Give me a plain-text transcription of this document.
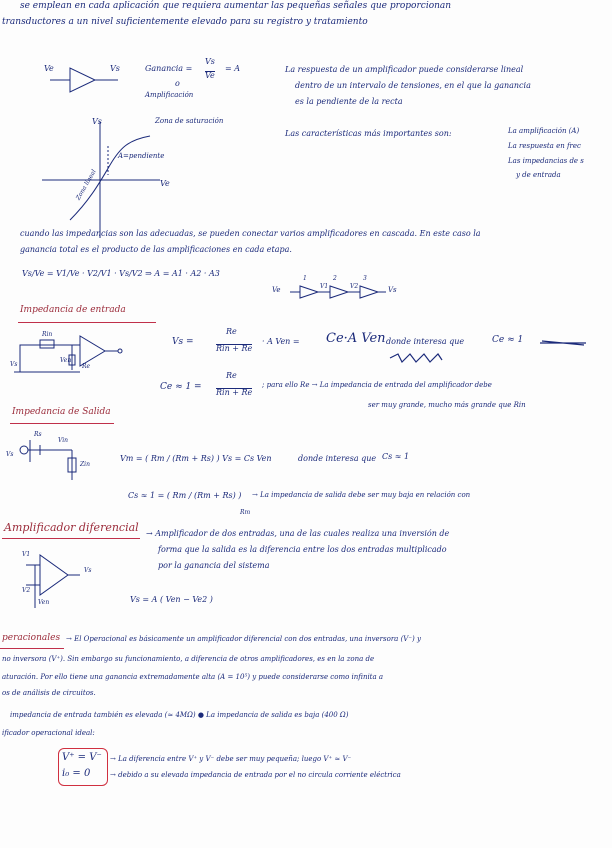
se emplean en cada aplicación que requiera aumentar las pequeñas señales que proporcionan
transductores a un nivel suficientemente elevado para su registro y tratamiento
Ve	Vs	Ganancia =
Vs
Ve
= A
o
Amplificación
Vs
Ve
Zona de saturación
Zona lineal
A=pendiente
La respuesta de un amplificador puede considerarse lineal
dentro de un intervalo de tensiones, en el que la ganancia
es la pendiente de la recta
Las características más importantes son:	La amplificación (A)
La respuesta en frec
Las impedancias de s
y de entrada
cuando las impedancias son las adecuadas, se pueden conectar varios amplificadores en cascada. En este caso la
ganancia total es el producto de las amplificaciones en cada etapa.
Vs/Ve = V1/Ve · V2/V1 · Vs/V2 ⇒ A = A1 · A2 · A3
Ve
1
V1
2
V2
3
Vs
Impedancia de entrada
Rin
Vs
Ven
Re
Vs =
Re
Rin + Re
· A Ven = Ce·A Ven donde interesa que	Ce ≈ 1
Ce ≈ 1 =
Re
Rin + Re
; para ello Re → La impedancia de entrada del amplificador debe
ser muy grande, mucho más grande que Rin
Impedancia de Salida
Vin
Rs
Vs
Zin
Vm = ( Rm / (Rm + Rs) ) Vs = Cs Ven	donde interesa que Cs ≈ 1
Cs ≈ 1 = ( Rm / (Rm + Rs) ) → La impedancia de salida debe ser muy baja en relación con
Rm
Amplificador diferencial → Amplificador de dos entradas, una de las cuales realiza una inversión de
forma que la salida es la diferencia entre los dos entradas multiplicado
por la ganancia del sistema
V1
V2
Vs
Ven	Vs = A ( Ven − Ve2 )
peracionales → El Operacional es básicamente un amplificador diferencial con dos entradas, una inversora (V⁻) y
no inversora (V⁺). Sin embargo su funcionamiento, a diferencia de otros amplificadores, es en la zona de
aturación. Por ello tiene una ganancia extremadamente alta (A = 10⁵) y puede considerarse como infinita a
os de análisis de circuitos.
impedancia de entrada también es elevada (≈ 4MΩ) ● La impedancia de salida es baja (400 Ω)
ificador operacional ideal:
V⁺ = V⁻
i₀ = 0
→ La diferencia entre V⁺ y V⁻ debe ser muy pequeña; luego V⁺ ≈ V⁻
→ debido a su elevada impedancia de entrada por el no circula corriente eléctrica
